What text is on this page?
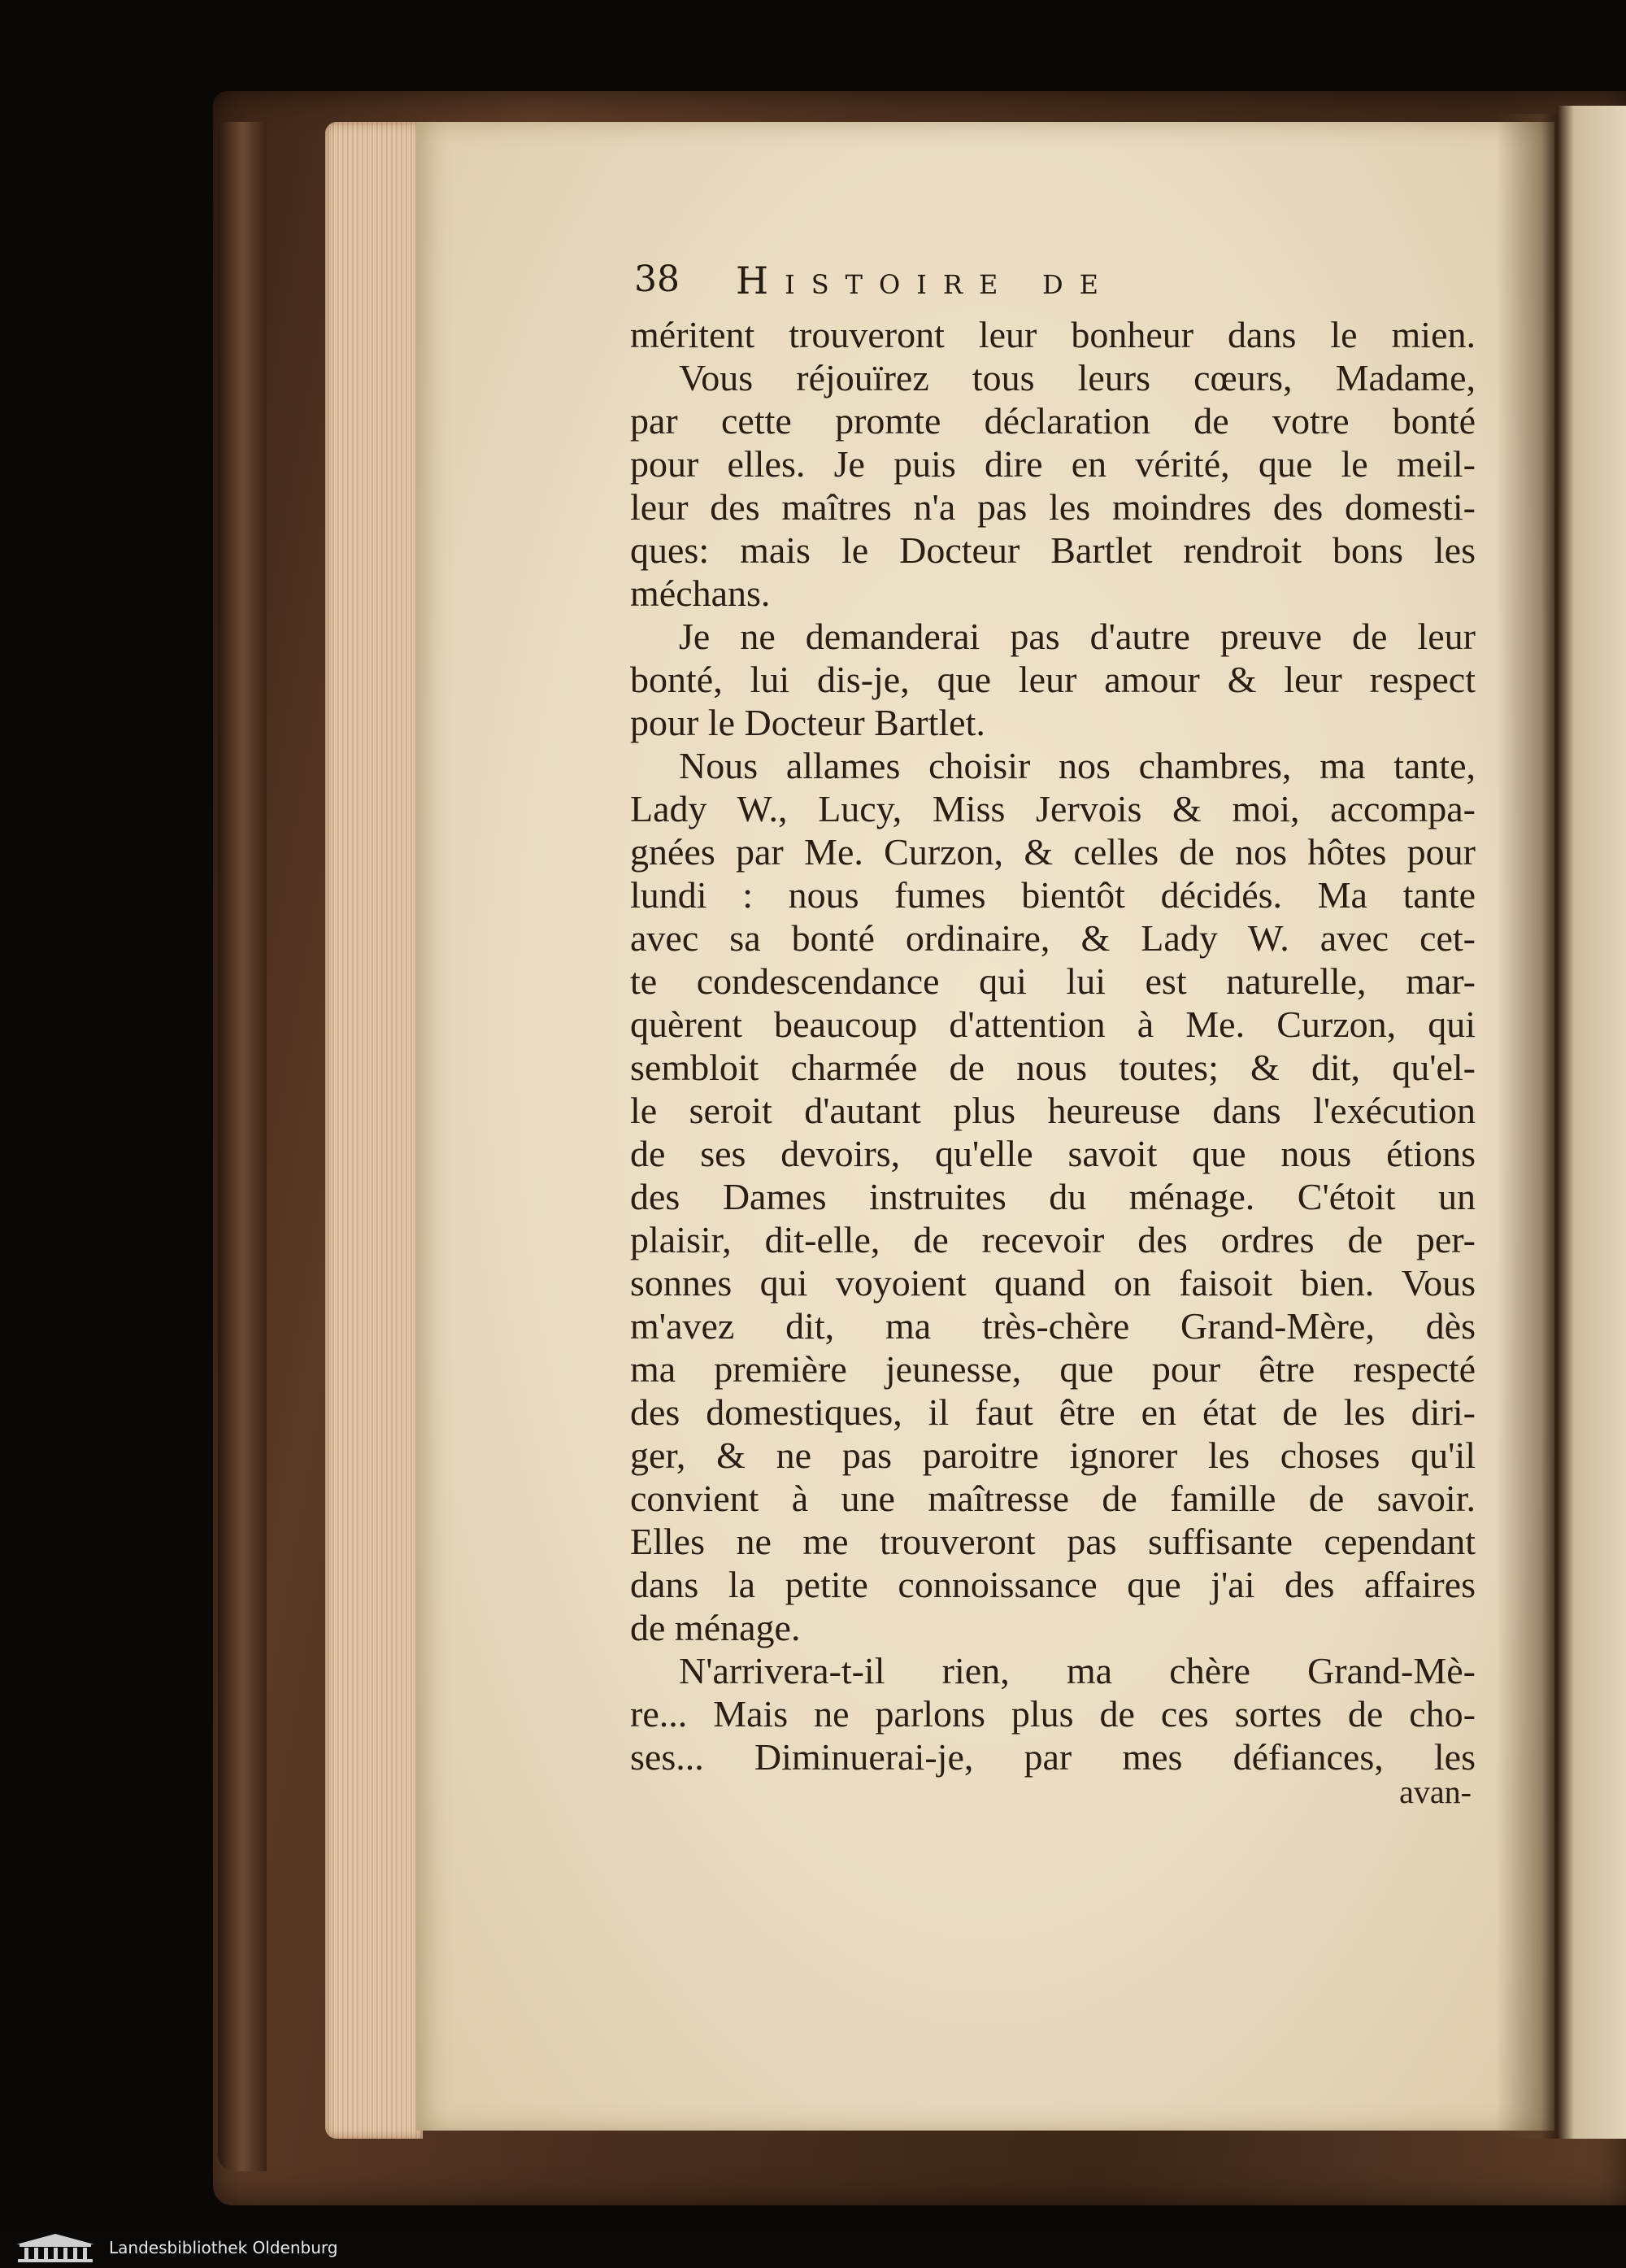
38 Histoire de
méritent trouveront leur bonheur dans le mien.
Vous réjouïrez tous leurs cœurs, Madame,
par cette promte déclaration de votre bonté
pour elles. Je puis dire en vérité, que le meil-
leur des maîtres n'a pas les moindres des domesti-
ques: mais le Docteur Bartlet rendroit bons les
méchans.
Je ne demanderai pas d'autre preuve de leur
bonté, lui dis-je, que leur amour & leur respect
pour le Docteur Bartlet.
Nous allames choisir nos chambres, ma tante,
Lady W., Lucy, Miss Jervois & moi, accompa-
gnées par Me. Curzon, & celles de nos hôtes pour
lundi : nous fumes bientôt décidés. Ma tante
avec sa bonté ordinaire, & Lady W. avec cet-
te condescendance qui lui est naturelle, mar-
quèrent beaucoup d'attention à Me. Curzon, qui
sembloit charmée de nous toutes; & dit, qu'el-
le seroit d'autant plus heureuse dans l'exécution
de ses devoirs, qu'elle savoit que nous étions
des Dames instruites du ménage. C'étoit un
plaisir, dit-elle, de recevoir des ordres de per-
sonnes qui voyoient quand on faisoit bien. Vous
m'avez dit, ma très-chère Grand-Mère, dès
ma première jeunesse, que pour être respecté
des domestiques, il faut être en état de les diri-
ger, & ne pas paroitre ignorer les choses qu'il
convient à une maîtresse de famille de savoir.
Elles ne me trouveront pas suffisante cependant
dans la petite connoissance que j'ai des affaires
de ménage.
N'arrivera-t-il rien, ma chère Grand-Mè-
re... Mais ne parlons plus de ces sortes de cho-
ses... Diminuerai-je, par mes défiances, les
avan-
Landesbibliothek Oldenburg
